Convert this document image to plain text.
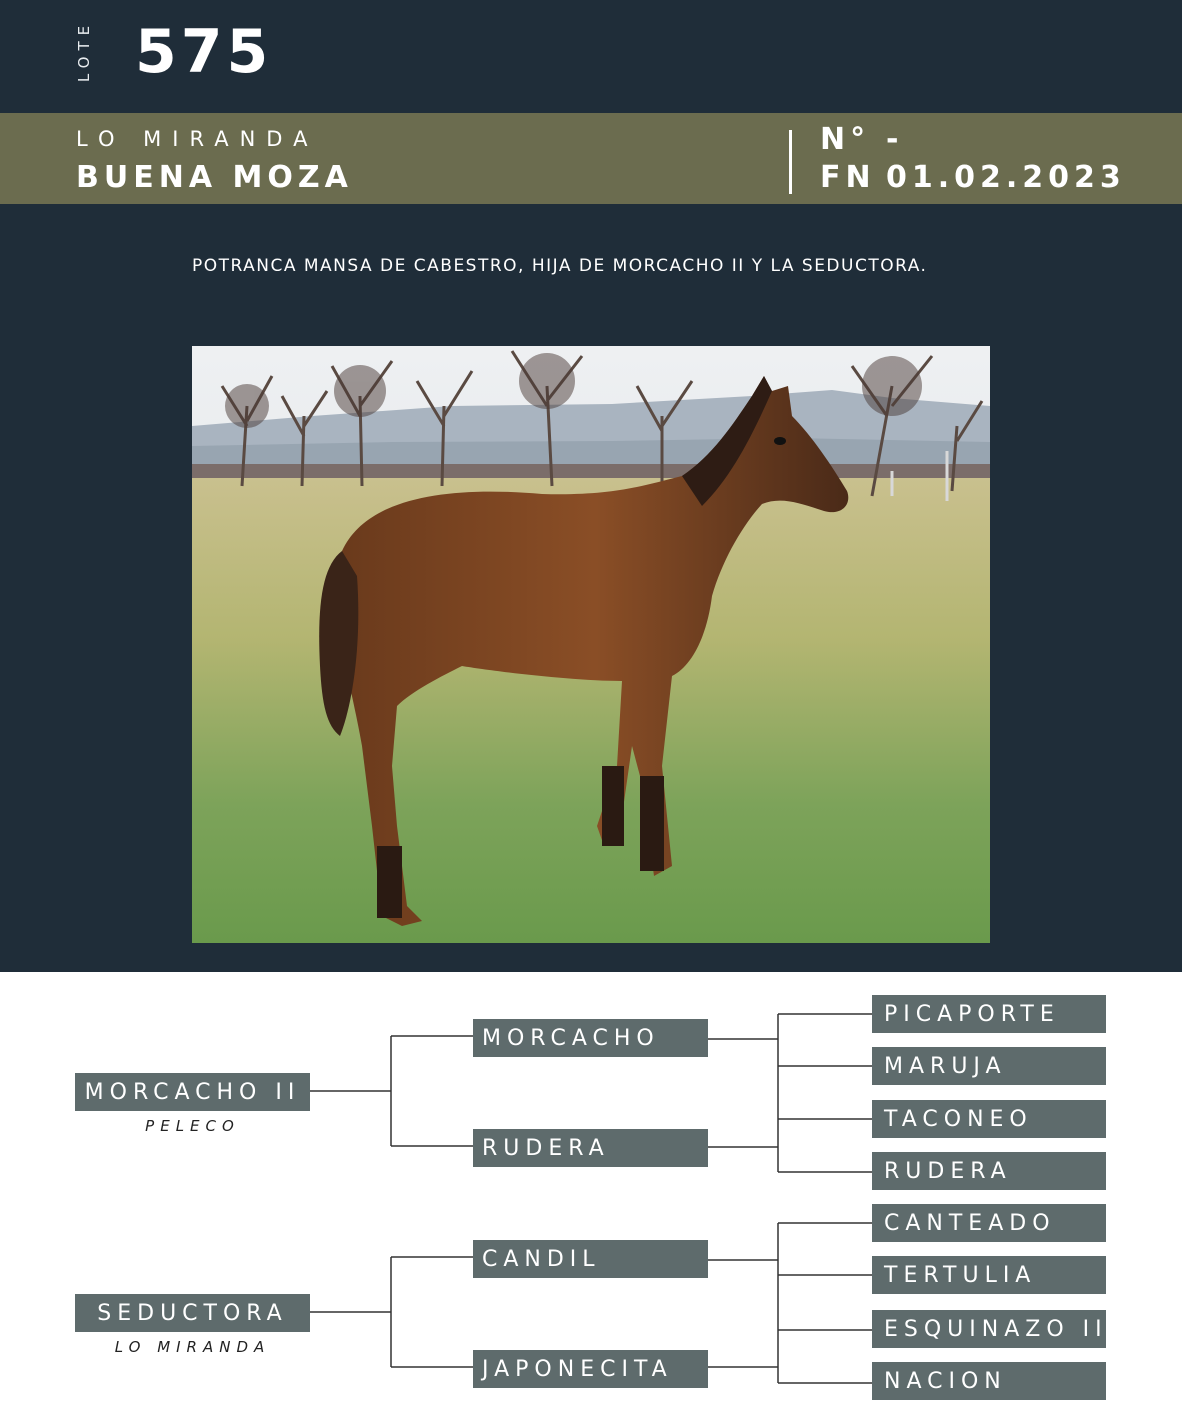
LOTE 575
LO MIRANDA
BUENA MOZA
N° -
FN 01.02.2023
POTRANCA MANSA DE CABESTRO, HIJA DE MORCACHO II Y LA SEDUCTORA.
MORCACHO II
PELECO
SEDUCTORA
LO MIRANDA
MORCACHO
RUDERA
CANDIL
JAPONECITA
PICAPORTE
MARUJA
TACONEO
RUDERA
CANTEADO
TERTULIA
ESQUINAZO II
NACION
